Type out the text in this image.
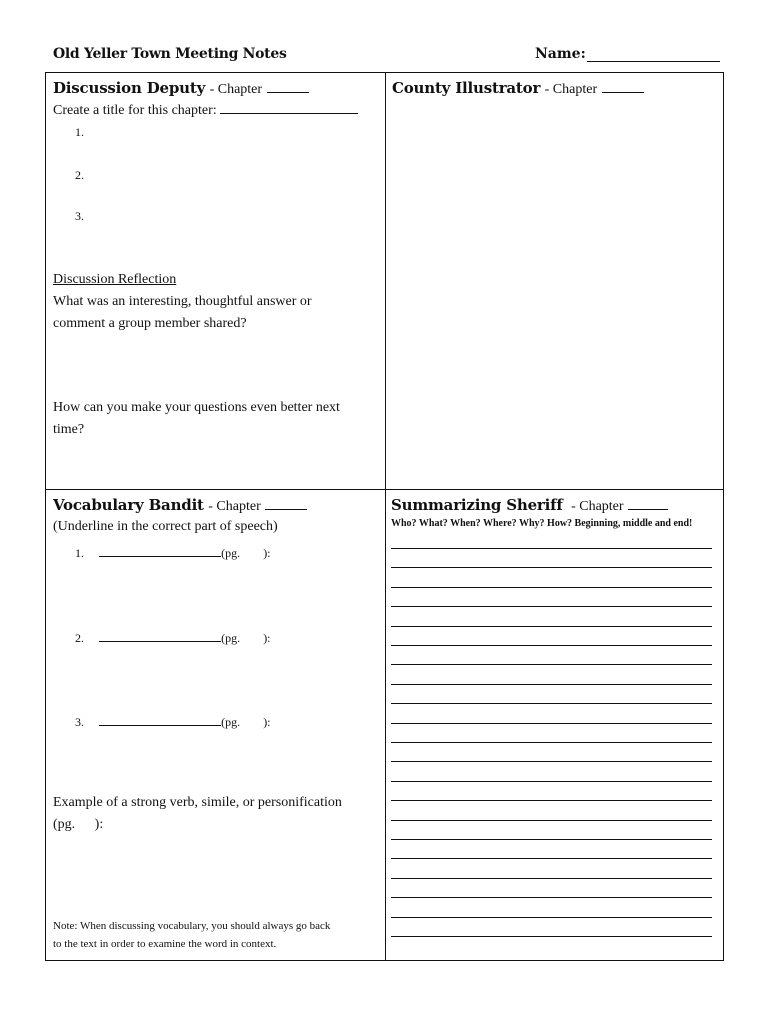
Old Yeller Town Meeting Notes	Name:
Discussion Deputy - Chapter
Create a title for this chapter:
1.
2.
3.
Discussion Reflection
What was an interesting, thoughtful answer or
comment a group member shared?
How can you make your questions even better next
time?
County Illustrator - Chapter
Vocabulary Bandit - Chapter
(Underline in the correct part of speech)
1.	(pg. ):
2.	(pg. ):
3.	(pg. ):
Example of a strong verb, simile, or personification
(pg. ):
Note: When discussing vocabulary, you should always go back
to the text in order to examine the word in context.
Summarizing Sheriff - Chapter
Who? What? When? Where? Why? How? Beginning, middle and end!
